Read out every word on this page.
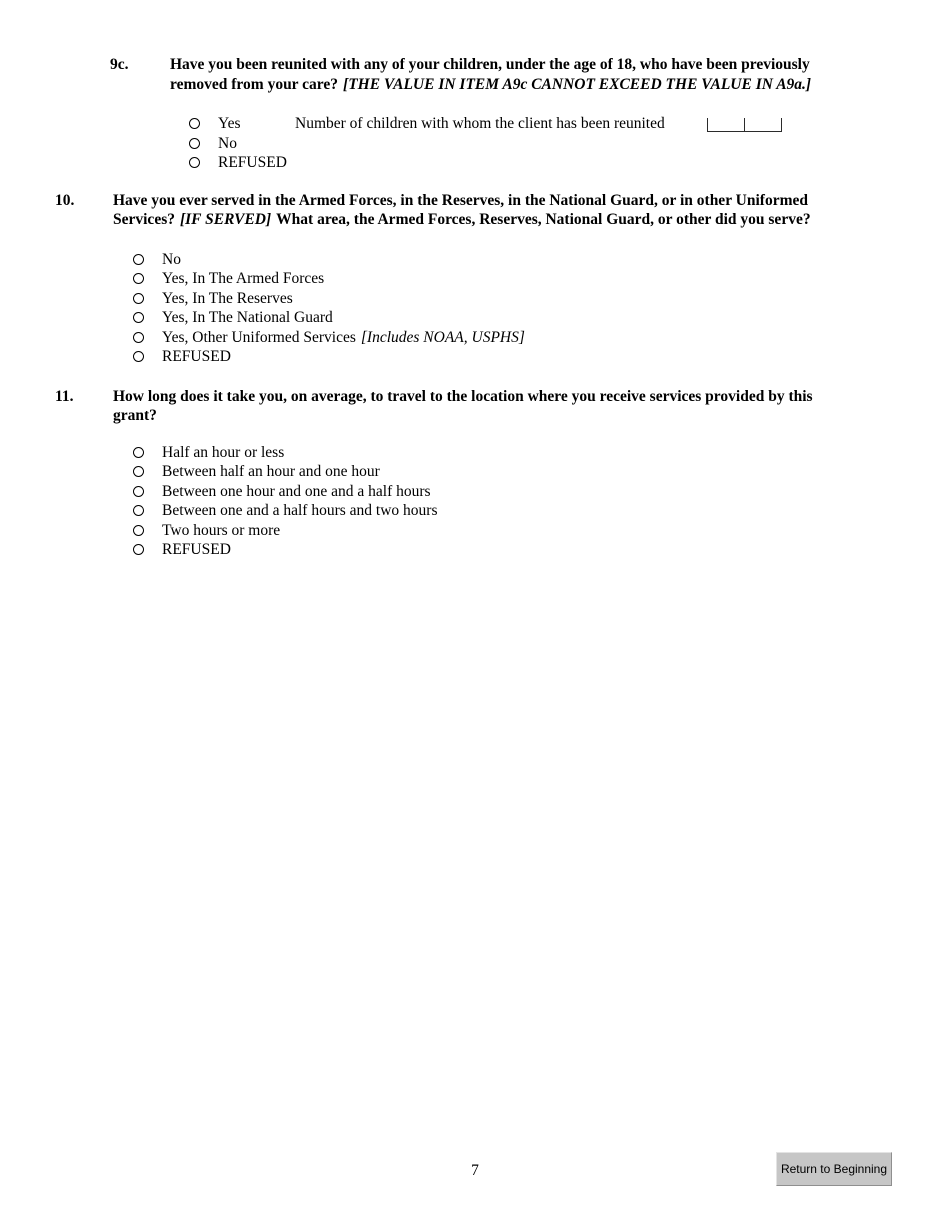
9c.	Have you been reunited with any of your children, under the age of 18, who have been previously
removed from your care? [THE VALUE IN ITEM A9c CANNOT EXCEED THE VALUE IN A9a.]
Yes	Number of children with whom the client has been reunited
No
REFUSED
10.	Have you ever served in the Armed Forces, in the Reserves, in the National Guard, or in other Uniformed
Services? [IF SERVED] What area, the Armed Forces, Reserves, National Guard, or other did you serve?
No
Yes, In The Armed Forces
Yes, In The Reserves
Yes, In The National Guard
Yes, Other Uniformed Services [Includes NOAA, USPHS]
REFUSED
11.	How long does it take you, on average, to travel to the location where you receive services provided by this
grant?
Half an hour or less
Between half an hour and one hour
Between one hour and one and a half hours
Between one and a half hours and two hours
Two hours or more
REFUSED
7	Return to Beginning
